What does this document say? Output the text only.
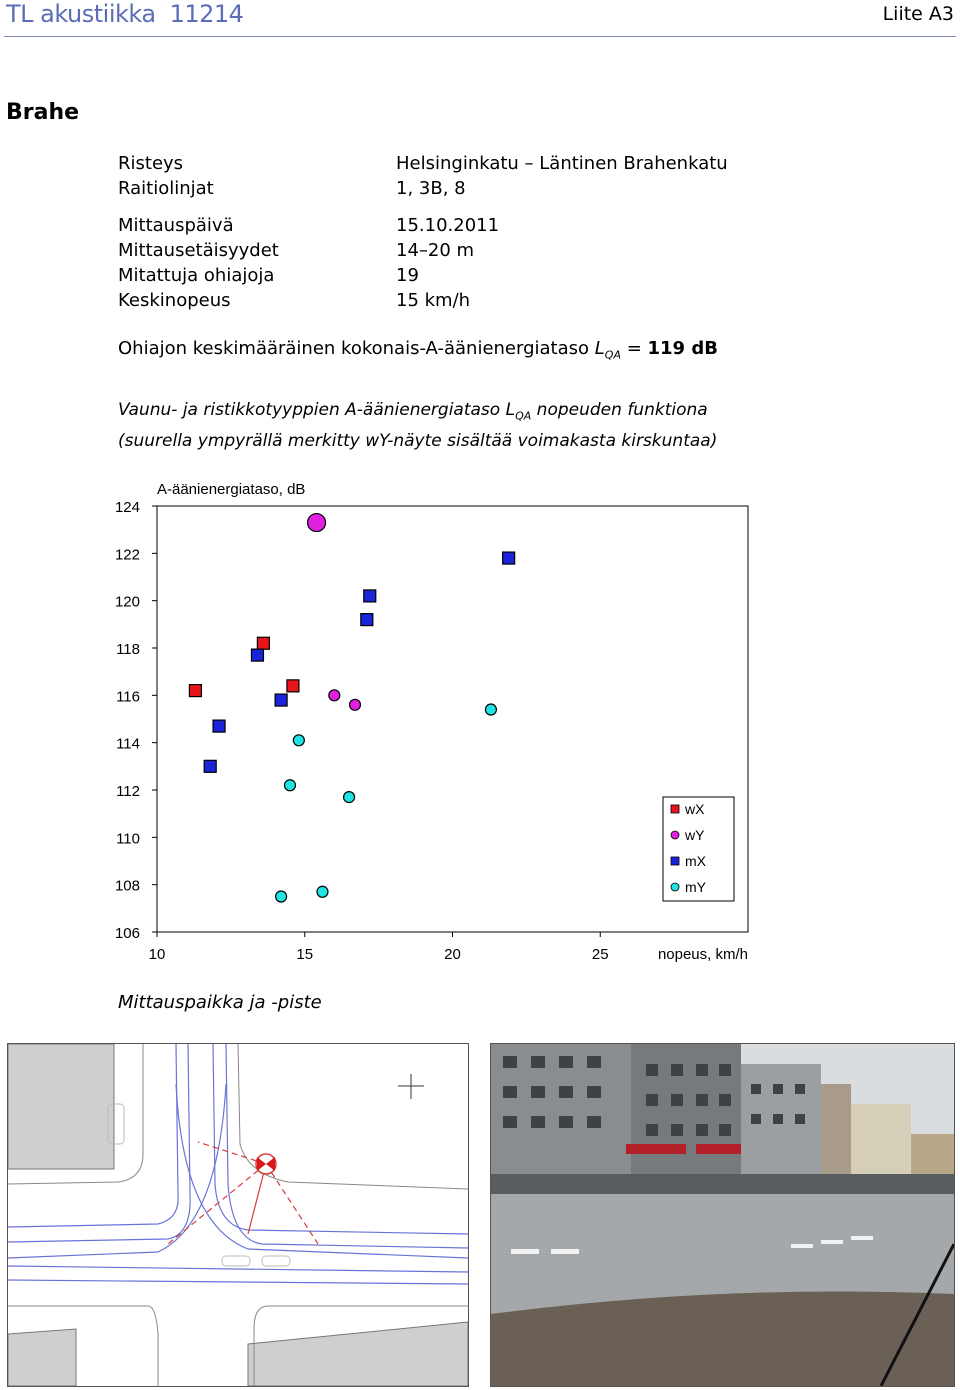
TL akustiikka 11214	Liite A3
Brahe
Risteys	Helsinginkatu – Läntinen Brahenkatu
Raitiolinjat	1, 3B, 8
Mittauspäivä	15.10.2011
Mittausetäisyydet	14–20 m
Mitattuja ohiajoja	19
Keskinopeus	15 km/h
Ohiajon keskimääräinen kokonais-A-äänienergiataso $L_{QA} = 119$ dB
Vaunu- ja ristikkotyyppien A-äänienergiataso $L_{QA}$ nopeuden funktiona
(suurella ympyrällä merkitty wY-näyte sisältää voimakasta kirskuntaa)
106
108
110
112
114
116
118
120
122
124
10	15	20	25
A-äänienergiataso, dB
nopeus, km/h
wX
wY
mX
mY
Mittauspaikka ja -piste
